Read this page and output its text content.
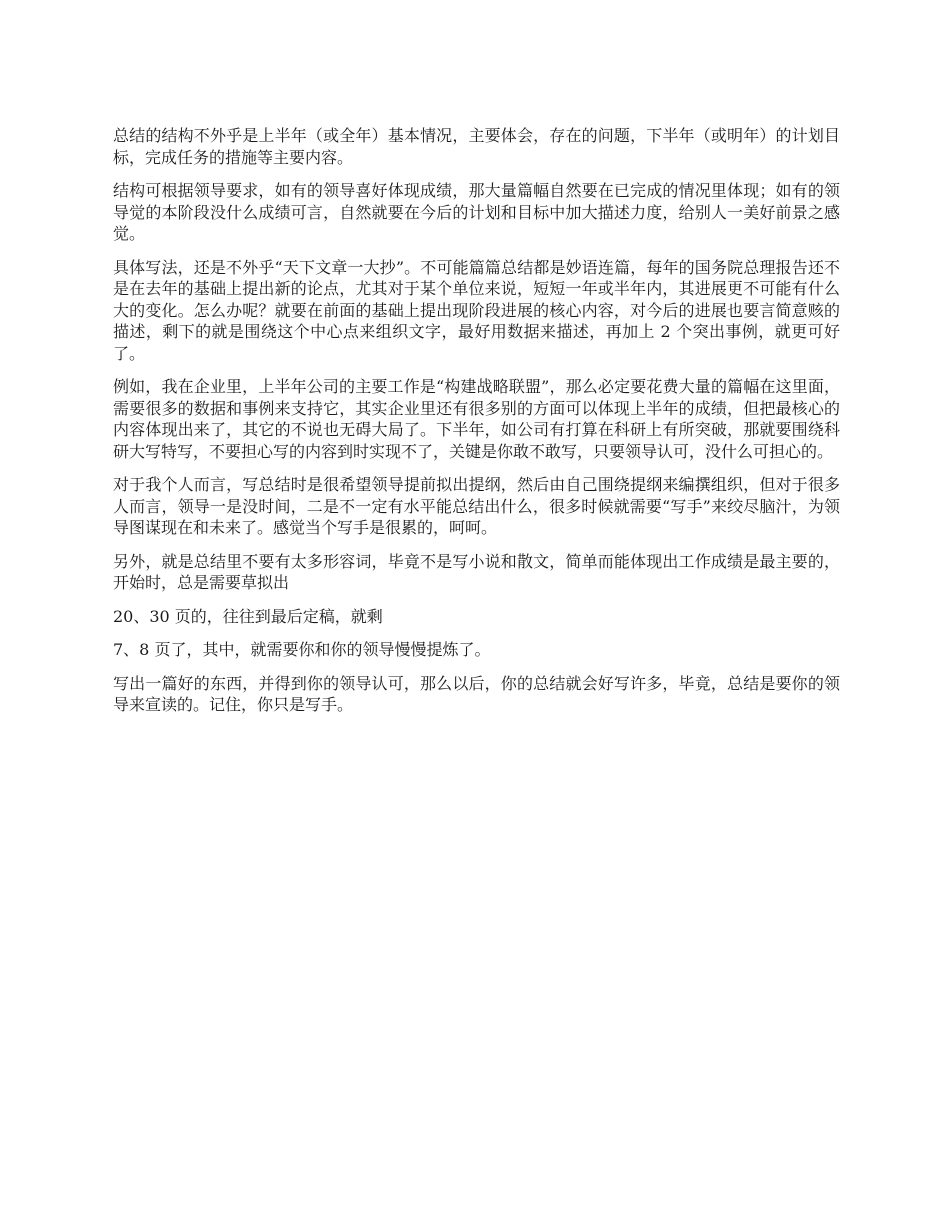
总结的结构不外乎是上半年（或全年）基本情况，主要体会，存在的问题，下半年（或明年）的计划目标，完成任务的措施等主要内容。

结构可根据领导要求，如有的领导喜好体现成绩，那大量篇幅自然要在已完成的情况里体现；如有的领导觉的本阶段没什么成绩可言，自然就要在今后的计划和目标中加大描述力度，给别人一美好前景之感觉。

具体写法，还是不外乎“天下文章一大抄”。不可能篇篇总结都是妙语连篇，每年的国务院总理报告还不是在去年的基础上提出新的论点，尤其对于某个单位来说，短短一年或半年内，其进展更不可能有什么大的变化。怎么办呢？就要在前面的基础上提出现阶段进展的核心内容，对今后的进展也要言简意赅的描述，剩下的就是围绕这个中心点来组织文字，最好用数据来描述，再加上 2 个突出事例，就更可好了。

例如，我在企业里，上半年公司的主要工作是“构建战略联盟”，那么必定要花费大量的篇幅在这里面，需要很多的数据和事例来支持它，其实企业里还有很多别的方面可以体现上半年的成绩，但把最核心的内容体现出来了，其它的不说也无碍大局了。下半年，如公司有打算在科研上有所突破，那就要围绕科研大写特写，不要担心写的内容到时实现不了，关键是你敢不敢写，只要领导认可，没什么可担心的。

对于我个人而言，写总结时是很希望领导提前拟出提纲，然后由自己围绕提纲来编撰组织，但对于很多人而言，领导一是没时间，二是不一定有水平能总结出什么，很多时候就需要“写手”来绞尽脑汁，为领导图谋现在和未来了。感觉当个写手是很累的，呵呵。

另外，就是总结里不要有太多形容词，毕竟不是写小说和散文，简单而能体现出工作成绩是最主要的，开始时，总是需要草拟出

20、30 页的，往往到最后定稿，就剩

7、8 页了，其中，就需要你和你的领导慢慢提炼了。

写出一篇好的东西，并得到你的领导认可，那么以后，你的总结就会好写许多，毕竟，总结是要你的领导来宣读的。记住，你只是写手。
